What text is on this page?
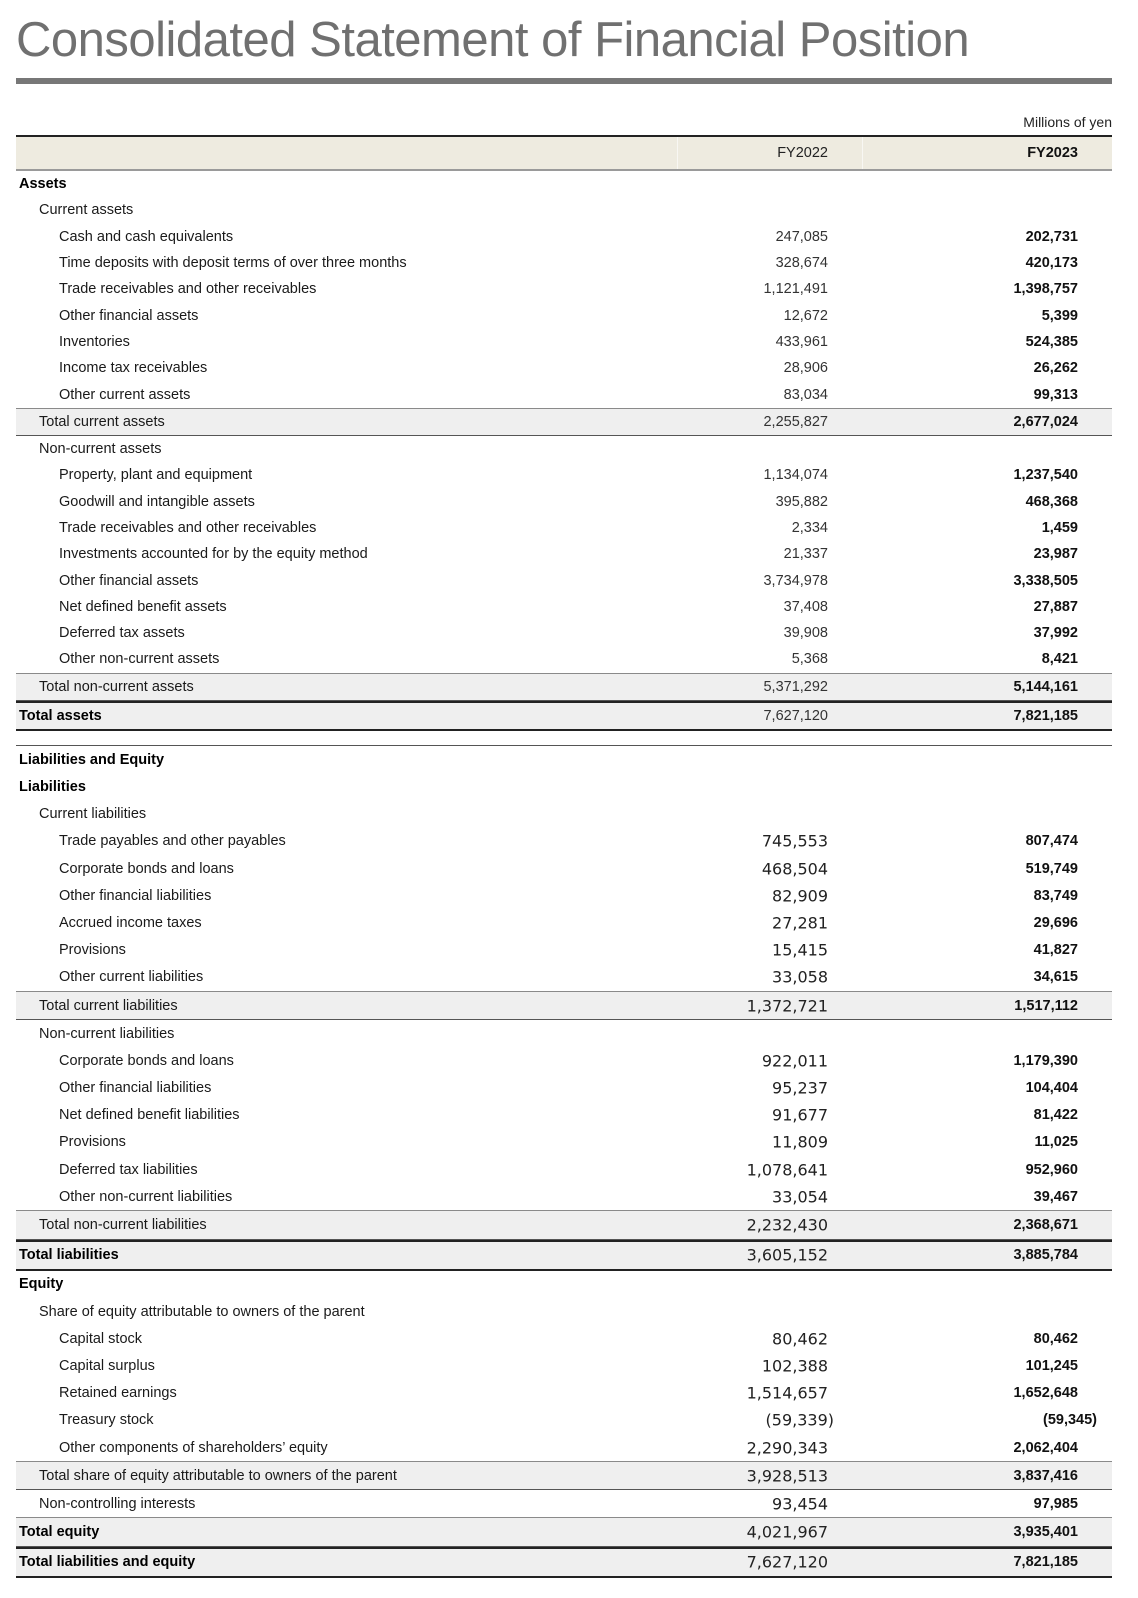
Consolidated Statement of Financial Position
Millions of yen
FY2022	FY2023
Assets
Current assets
Cash and cash equivalents	247,085	202,731
Time deposits with deposit terms of over three months	328,674	420,173
Trade receivables and other receivables	1,121,491	1,398,757
Other financial assets	12,672	5,399
Inventories	433,961	524,385
Income tax receivables	28,906	26,262
Other current assets	83,034	99,313
Total current assets	2,255,827	2,677,024
Non-current assets
Property, plant and equipment	1,134,074	1,237,540
Goodwill and intangible assets	395,882	468,368
Trade receivables and other receivables	2,334	1,459
Investments accounted for by the equity method	21,337	23,987
Other financial assets	3,734,978	3,338,505
Net defined benefit assets	37,408	27,887
Deferred tax assets	39,908	37,992
Other non-current assets	5,368	8,421
Total non-current assets	5,371,292	5,144,161
Total assets	7,627,120	7,821,185
Liabilities and Equity
Liabilities
Current liabilities
Trade payables and other payables	745,553	807,474
Corporate bonds and loans	468,504	519,749
Other financial liabilities	82,909	83,749
Accrued income taxes	27,281	29,696
Provisions	15,415	41,827
Other current liabilities	33,058	34,615
Total current liabilities	1,372,721	1,517,112
Non-current liabilities
Corporate bonds and loans	922,011	1,179,390
Other financial liabilities	95,237	104,404
Net defined benefit liabilities	91,677	81,422
Provisions	11,809	11,025
Deferred tax liabilities	1,078,641	952,960
Other non-current liabilities	33,054	39,467
Total non-current liabilities	2,232,430	2,368,671
Total liabilities	3,605,152	3,885,784
Equity
Share of equity attributable to owners of the parent
Capital stock	80,462	80,462
Capital surplus	102,388	101,245
Retained earnings	1,514,657	1,652,648
Treasury stock	(59,339)	(59,345)
Other components of shareholders’ equity	2,290,343	2,062,404
Total share of equity attributable to owners of the parent	3,928,513	3,837,416
Non-controlling interests	93,454	97,985
Total equity	4,021,967	3,935,401
Total liabilities and equity	7,627,120	7,821,185
